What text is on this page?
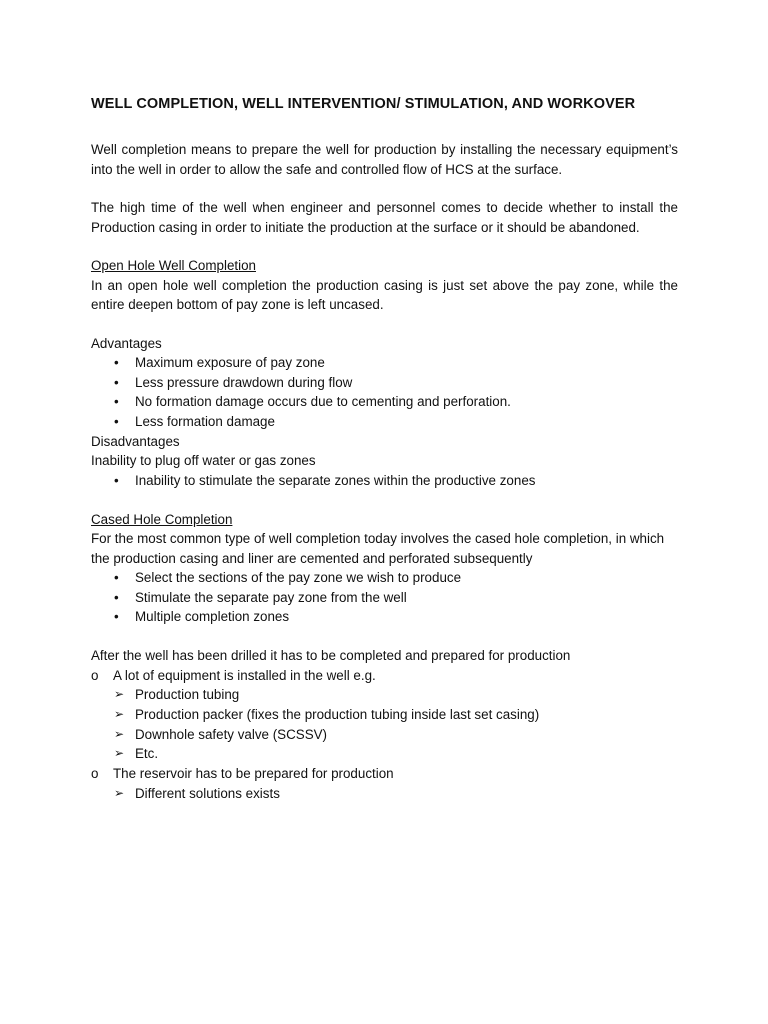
WELL COMPLETION, WELL INTERVENTION/ STIMULATION, AND WORKOVER

Well completion means to prepare the well for production by installing the necessary equipment’s into the well in order to allow the safe and controlled flow of HCS at the surface.

The high time of the well when engineer and personnel comes to decide whether to install the Production casing in order to initiate the production at the surface or it should be abandoned.

Open Hole Well Completion

In an open hole well completion the production casing is just set above the pay zone, while the entire deepen bottom of pay zone is left uncased.

Advantages

• Maximum exposure of pay zone
• Less pressure drawdown during flow
• No formation damage occurs due to cementing and perforation.
• Less formation damage

Disadvantages

Inability to plug off water or gas zones

• Inability to stimulate the separate zones within the productive zones

Cased Hole Completion

For the most common type of well completion today involves the cased hole completion, in which the production casing and liner are cemented and perforated subsequently

• Select the sections of the pay zone we wish to produce
• Stimulate the separate pay zone from the well
• Multiple completion zones

After the well has been drilled it has to be completed and prepared for production

o A lot of equipment is installed in the well e.g.
➢ Production tubing
➢ Production packer (fixes the production tubing inside last set casing)
➢ Downhole safety valve (SCSSV)
➢ Etc.
o The reservoir has to be prepared for production
➢ Different solutions exists
